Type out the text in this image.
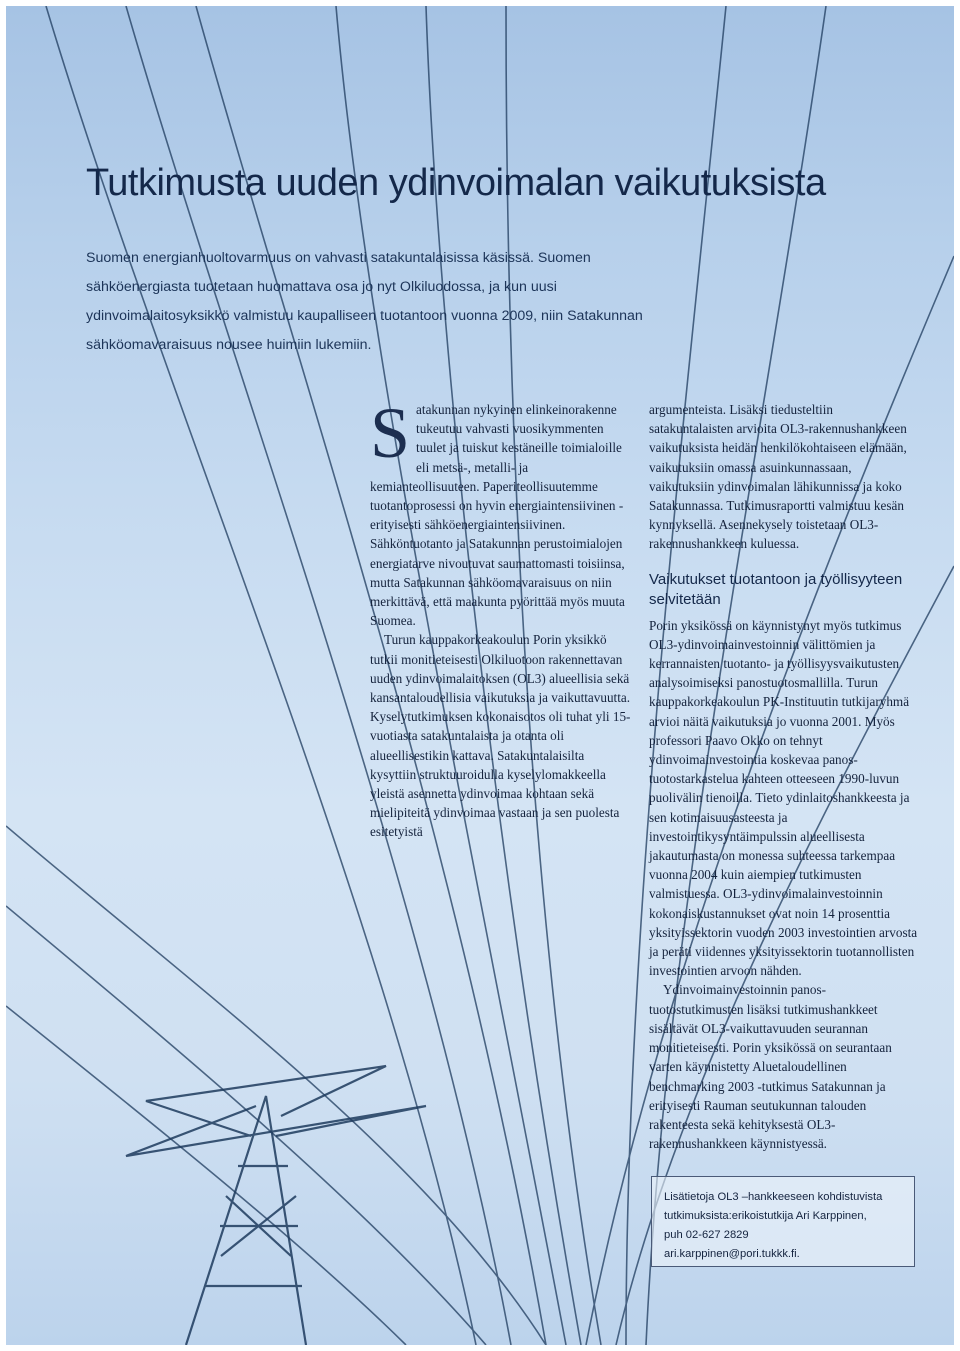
Tutkimusta uuden ydinvoimalan vaikutuksista

Suomen energianhuoltovarmuus on vahvasti satakuntalaisissa käsissä. Suomen sähköenergiasta tuotetaan huomattava osa jo nyt Olkiluodossa, ja kun uusi ydinvoimalaitosyksikkö valmistuu kaupalliseen tuotantoon vuonna 2009, niin Satakunnan sähköomavaraisuus nousee huimiin lukemiin.

Satakunnan nykyinen elinkeinorakenne tukeutuu vahvasti vuosikymmenten tuulet ja tuiskut kestäneille toimialoille eli metsä-, metalli- ja kemianteollisuuteen. Paperiteollisuutemme tuotantoprosessi on hyvin energiaintensiivinen - erityisesti sähköenergiaintensiivinen. Sähköntuotanto ja Satakunnan perustoimialojen energiatarve nivoutuvat saumattomasti toisiinsa, mutta Satakunnan sähköomavaraisuus on niin merkittävä, että maakunta pyörittää myös muuta Suomea.

Turun kauppakorkeakoulun Porin yksikkö tutkii monitieteisesti Olkiluotoon rakennettavan uuden ydinvoimalaitoksen (OL3) alueellisia sekä kansantaloudellisia vaikutuksia ja vaikuttavuutta. Kyselytutkimuksen kokonaisotos oli tuhat yli 15-vuotiasta satakuntalaista ja otanta oli alueellisestikin kattava. Satakuntalaisilta kysyttiin struktuuroidulla kyselylomakkeella yleistä asennetta ydinvoimaa kohtaan sekä mielipiteitä ydinvoimaa vastaan ja sen puolesta esitetyistä

argumenteista. Lisäksi tiedusteltiin satakuntalaisten arvioita OL3-rakennushankkeen vaikutuksista heidän henkilökohtaiseen elämään, vaikutuksiin omassa asuinkunnassaan, vaikutuksiin ydinvoimalan lähikunnissa ja koko Satakunnassa. Tutkimusraportti valmistuu kesän kynnyksellä. Asennekysely toistetaan OL3-rakennushankkeen kuluessa.

Vaikutukset tuotantoon ja työllisyyteen selvitetään

Porin yksikössä on käynnistynyt myös tutkimus OL3-ydinvoimainvestoinnin välittömien ja kerrannaisten tuotanto- ja työllisyysvaikutusten analysoimiseksi panostuotosmallilla. Turun kauppakorkeakoulun PK-Instituutin tutkijaryhmä arvioi näitä vaikutuksia jo vuonna 2001. Myös professori Paavo Okko on tehnyt ydinvoimainvestointia koskevaa panos-tuotostarkastelua kahteen otteeseen 1990-luvun puolivälin tienoilla. Tieto ydinlaitoshankkeesta ja sen kotimaisuusasteesta ja investointikysyntäimpulssin alueellisesta jakautumasta on monessa suhteessa tarkempaa vuonna 2004 kuin aiempien tutkimusten valmistuessa. OL3-ydinvoimalainvestoinnin kokonaiskustannukset ovat noin 14 prosenttia yksityissektorin vuoden 2003 investointien arvosta ja peräti viidennes yksityissektorin tuotannollisten investointien arvoon nähden.

Ydinvoimainvestoinnin panos-tuotostutkimusten lisäksi tutkimushankkeet sisältävät OL3-vaikuttavuuden seurannan monitieteisesti. Porin yksikössä on seurantaan varten käynnistetty Aluetaloudellinen benchmarking 2003 -tutkimus Satakunnan ja erityisesti Rauman seutukunnan talouden rakenteesta sekä kehityksestä OL3-rakennushankkeen käynnistyessä.

Lisätietoja OL3 –hankkeeseen kohdistuvista
tutkimuksista:erikoistutkija Ari Karppinen,
puh 02-627 2829
ari.karppinen@pori.tukkk.fi.
